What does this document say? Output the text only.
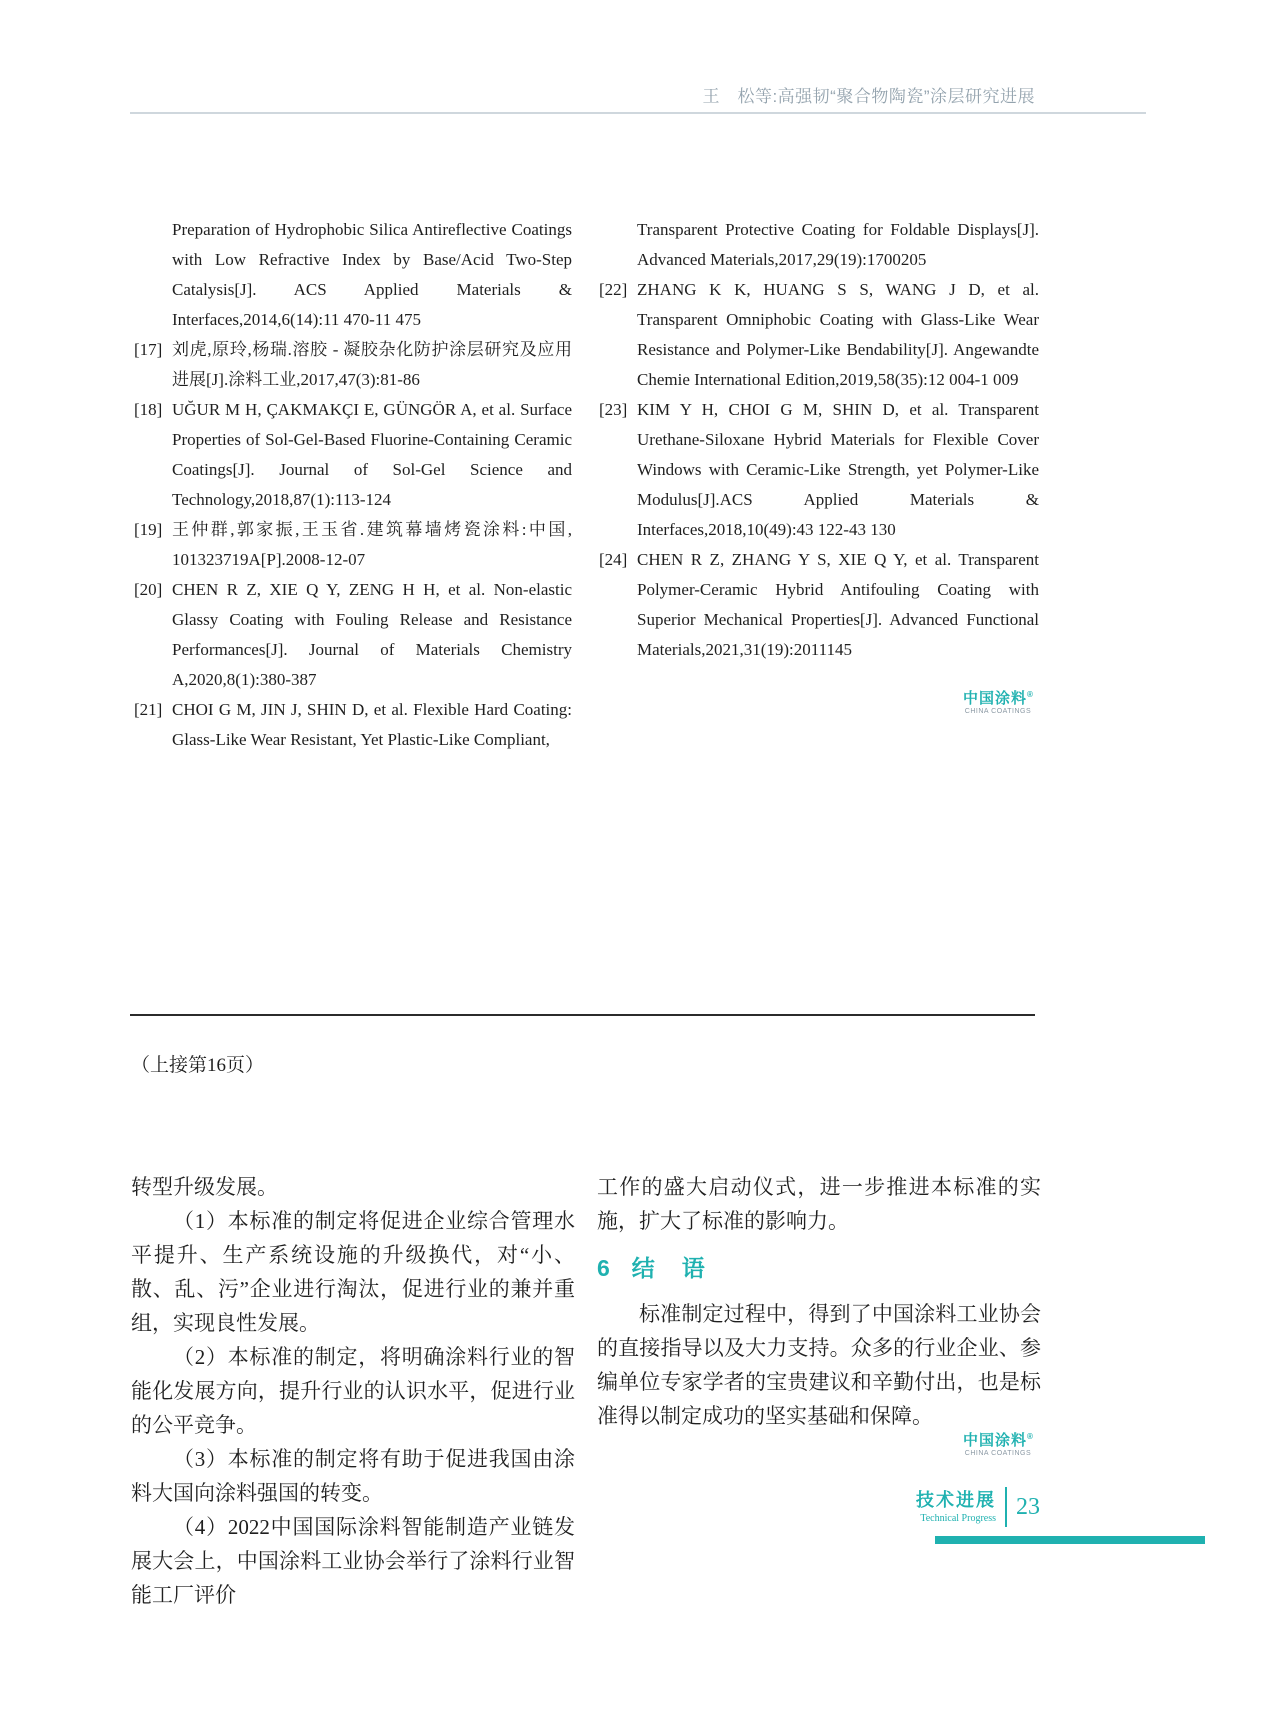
王　松等:高强韧“聚合物陶瓷”涂层研究进展
Preparation of Hydrophobic Silica Antireflective Coatings with Low Refractive Index by Base/Acid Two-Step Catalysis[J]. ACS Applied Materials & Interfaces,2014,6(14):11 470-11 475
[17] 刘虎,原玲,杨瑞.溶胶 - 凝胶杂化防护涂层研究及应用进展[J].涂料工业,2017,47(3):81-86
[18] UĞUR M H, ÇAKMAKÇI E, GÜNGÖR A, et al. Surface Properties of Sol-Gel-Based Fluorine-Containing Ceramic Coatings[J]. Journal of Sol-Gel Science and Technology,2018,87(1):113-124
[19] 王仲群,郭家振,王玉省.建筑幕墙烤瓷涂料:中国, 101323719A[P].2008-12-07
[20] CHEN R Z, XIE Q Y, ZENG H H, et al. Non-elastic Glassy Coating with Fouling Release and Resistance Performances[J]. Journal of Materials Chemistry A,2020,8(1):380-387
[21] CHOI G M, JIN J, SHIN D, et al. Flexible Hard Coating: Glass-Like Wear Resistant, Yet Plastic-Like Compliant,
Transparent Protective Coating for Foldable Displays[J]. Advanced Materials,2017,29(19):1700205
[22] ZHANG K K, HUANG S S, WANG J D, et al. Transparent Omniphobic Coating with Glass-Like Wear Resistance and Polymer-Like Bendability[J]. Angewandte Chemie International Edition,2019,58(35):12 004-1 009
[23] KIM Y H, CHOI G M, SHIN D, et al. Transparent Urethane-Siloxane Hybrid Materials for Flexible Cover Windows with Ceramic-Like Strength, yet Polymer-Like Modulus[J].ACS Applied Materials & Interfaces,2018,10(49):43 122-43 130
[24] CHEN R Z, ZHANG Y S, XIE Q Y, et al. Transparent Polymer-Ceramic Hybrid Antifouling Coating with Superior Mechanical Properties[J]. Advanced Functional Materials,2021,31(19):2011145
中国涂料®
CHINA COATINGS
（上接第16页）

转型升级发展。

（1）本标准的制定将促进企业综合管理水平提升、生产系统设施的升级换代，对“小、散、乱、污”企业进行淘汰，促进行业的兼并重组，实现良性发展。

（2）本标准的制定，将明确涂料行业的智能化发展方向，提升行业的认识水平，促进行业的公平竞争。

（3）本标准的制定将有助于促进我国由涂料大国向涂料强国的转变。

（4）2022中国国际涂料智能制造产业链发展大会上，中国涂料工业协会举行了涂料行业智能工厂评价

工作的盛大启动仪式，进一步推进本标准的实施，扩大了标准的影响力。

6 结　语

标准制定过程中，得到了中国涂料工业协会的直接指导以及大力支持。众多的行业企业、参编单位专家学者的宝贵建议和辛勤付出，也是标准得以制定成功的坚实基础和保障。

中国涂料®
CHINA COATINGS
技术进展
Technical Progress 23
